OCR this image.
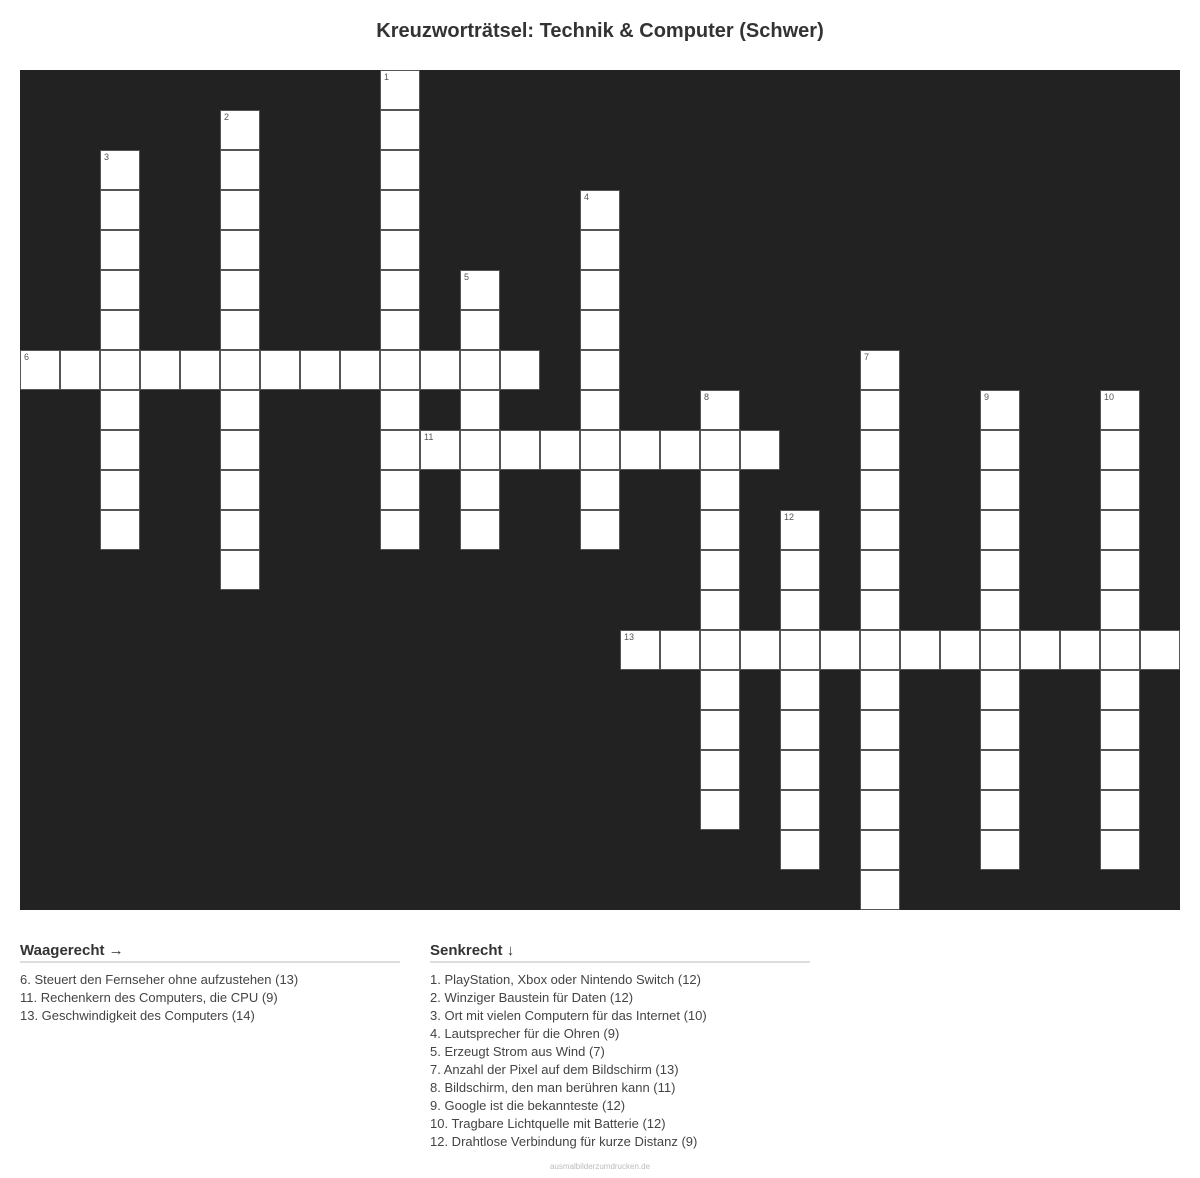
Kreuzworträtsel: Technik & Computer (Schwer)
1
2
3
4
5
6	7
8	9	10
11
12
13
Waagerecht →
6. Steuert den Fernseher ohne aufzustehen (13)
11. Rechenkern des Computers, die CPU (9)
13. Geschwindigkeit des Computers (14)
Senkrecht ↓
1. PlayStation, Xbox oder Nintendo Switch (12)
2. Winziger Baustein für Daten (12)
3. Ort mit vielen Computern für das Internet (10)
4. Lautsprecher für die Ohren (9)
5. Erzeugt Strom aus Wind (7)
7. Anzahl der Pixel auf dem Bildschirm (13)
8. Bildschirm, den man berühren kann (11)
9. Google ist die bekannteste (12)
10. Tragbare Lichtquelle mit Batterie (12)
12. Drahtlose Verbindung für kurze Distanz (9)
ausmalbilderzumdrucken.de
